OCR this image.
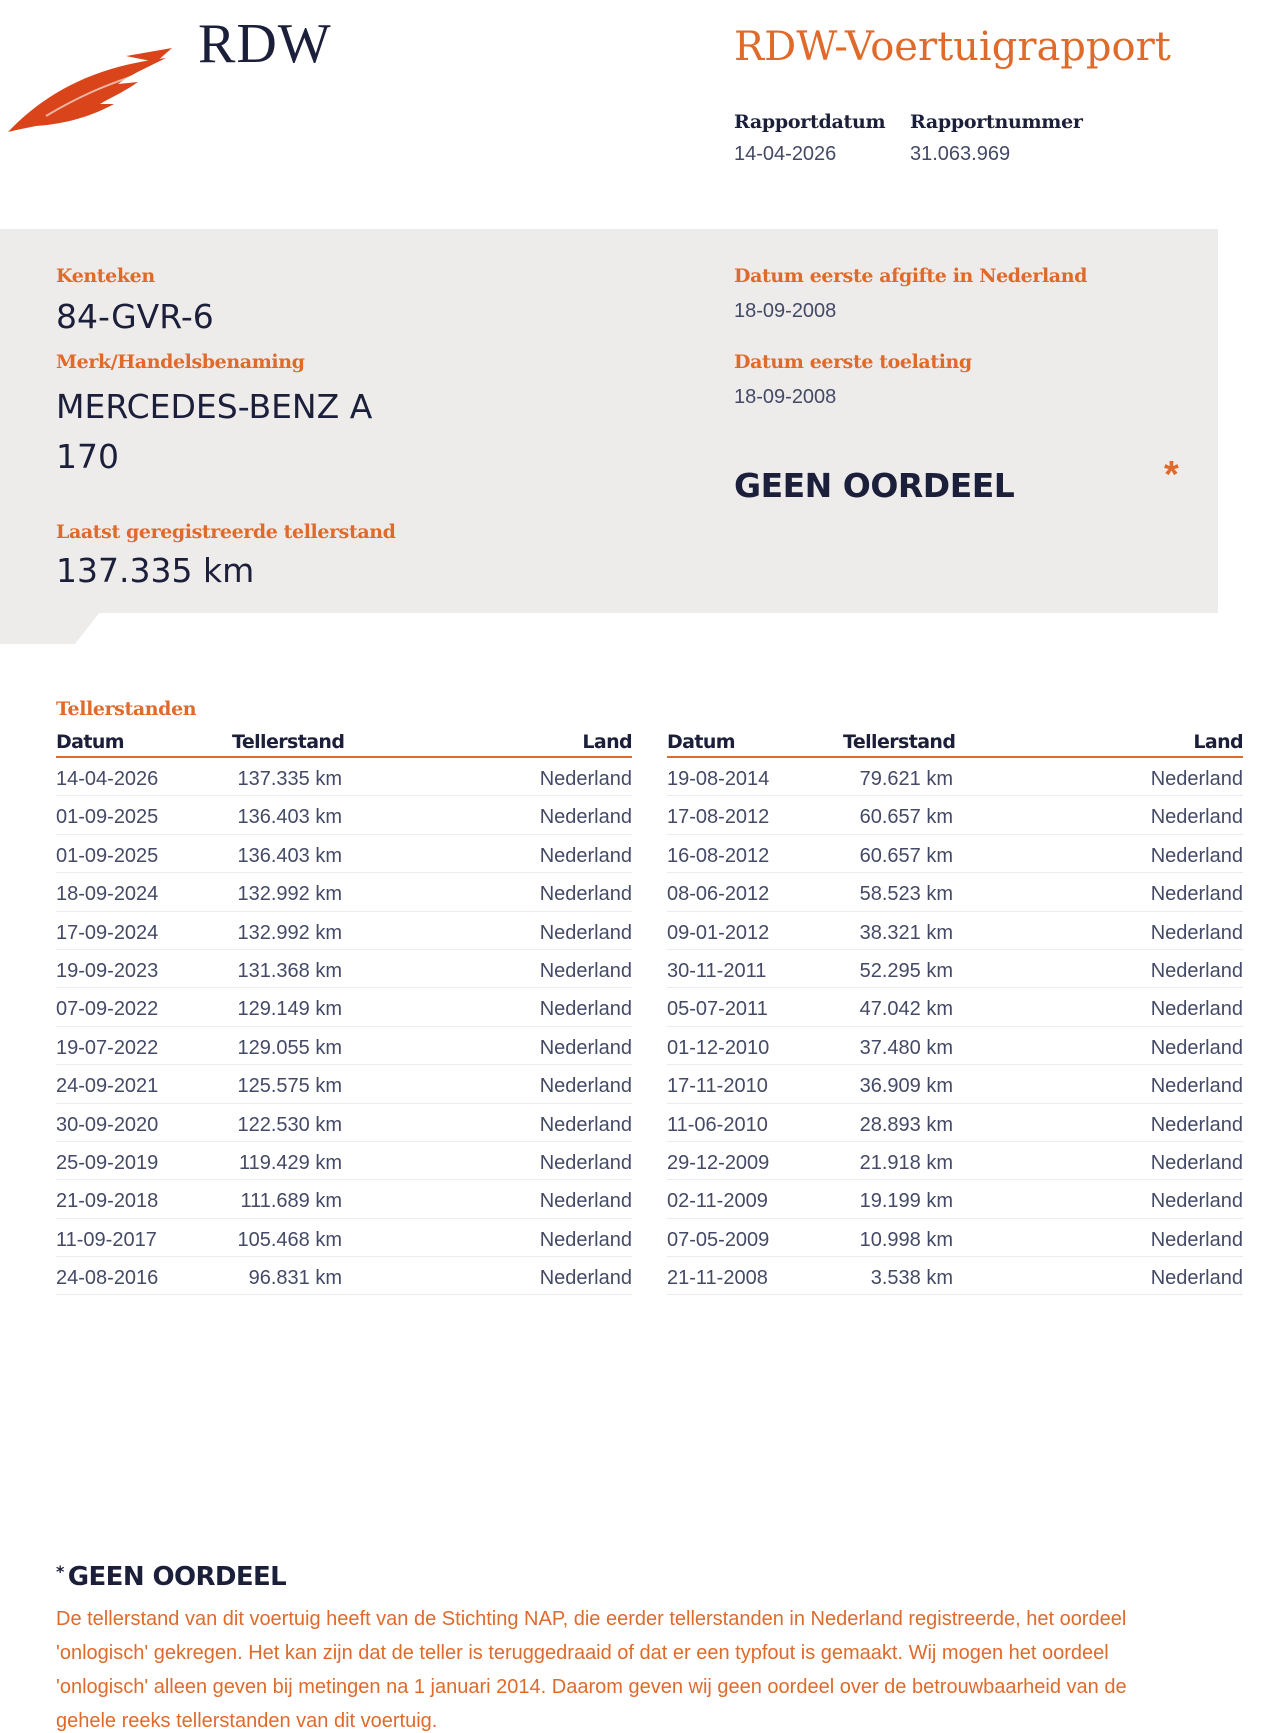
RDW	RDW-Voertuigrapport
Rapportdatum
14-04-2026
Rapportnummer
31.063.969
Kenteken
84-GVR-6
Merk/Handelsbenaming
MERCEDES-BENZ A
170
Laatst geregistreerde tellerstand
137.335 km
Datum eerste afgifte in Nederland
18-09-2008
Datum eerste toelating
18-09-2008
GEEN OORDEEL	*
Tellerstanden
Datum	Tellerstand	Land
14-04-2026	137.335 km	Nederland
01-09-2025	136.403 km	Nederland
01-09-2025	136.403 km	Nederland
18-09-2024	132.992 km	Nederland
17-09-2024	132.992 km	Nederland
19-09-2023	131.368 km	Nederland
07-09-2022	129.149 km	Nederland
19-07-2022	129.055 km	Nederland
24-09-2021	125.575 km	Nederland
30-09-2020	122.530 km	Nederland
25-09-2019	119.429 km	Nederland
21-09-2018	111.689 km	Nederland
11-09-2017	105.468 km	Nederland
24-08-2016	96.831 km	Nederland
Datum	Tellerstand	Land
19-08-2014	79.621 km	Nederland
17-08-2012	60.657 km	Nederland
16-08-2012	60.657 km	Nederland
08-06-2012	58.523 km	Nederland
09-01-2012	38.321 km	Nederland
30-11-2011	52.295 km	Nederland
05-07-2011	47.042 km	Nederland
01-12-2010	37.480 km	Nederland
17-11-2010	36.909 km	Nederland
11-06-2010	28.893 km	Nederland
29-12-2009	21.918 km	Nederland
02-11-2009	19.199 km	Nederland
07-05-2009	10.998 km	Nederland
21-11-2008	3.538 km	Nederland
* GEEN OORDEEL
De tellerstand van dit voertuig heeft van de Stichting NAP, die eerder tellerstanden in Nederland registreerde, het oordeel 'onlogisch' gekregen. Het kan zijn dat de teller is teruggedraaid of dat er een typfout is gemaakt. Wij mogen het oordeel 'onlogisch' alleen geven bij metingen na 1 januari 2014. Daarom geven wij geen oordeel over de betrouwbaarheid van de gehele reeks tellerstanden van dit voertuig.
